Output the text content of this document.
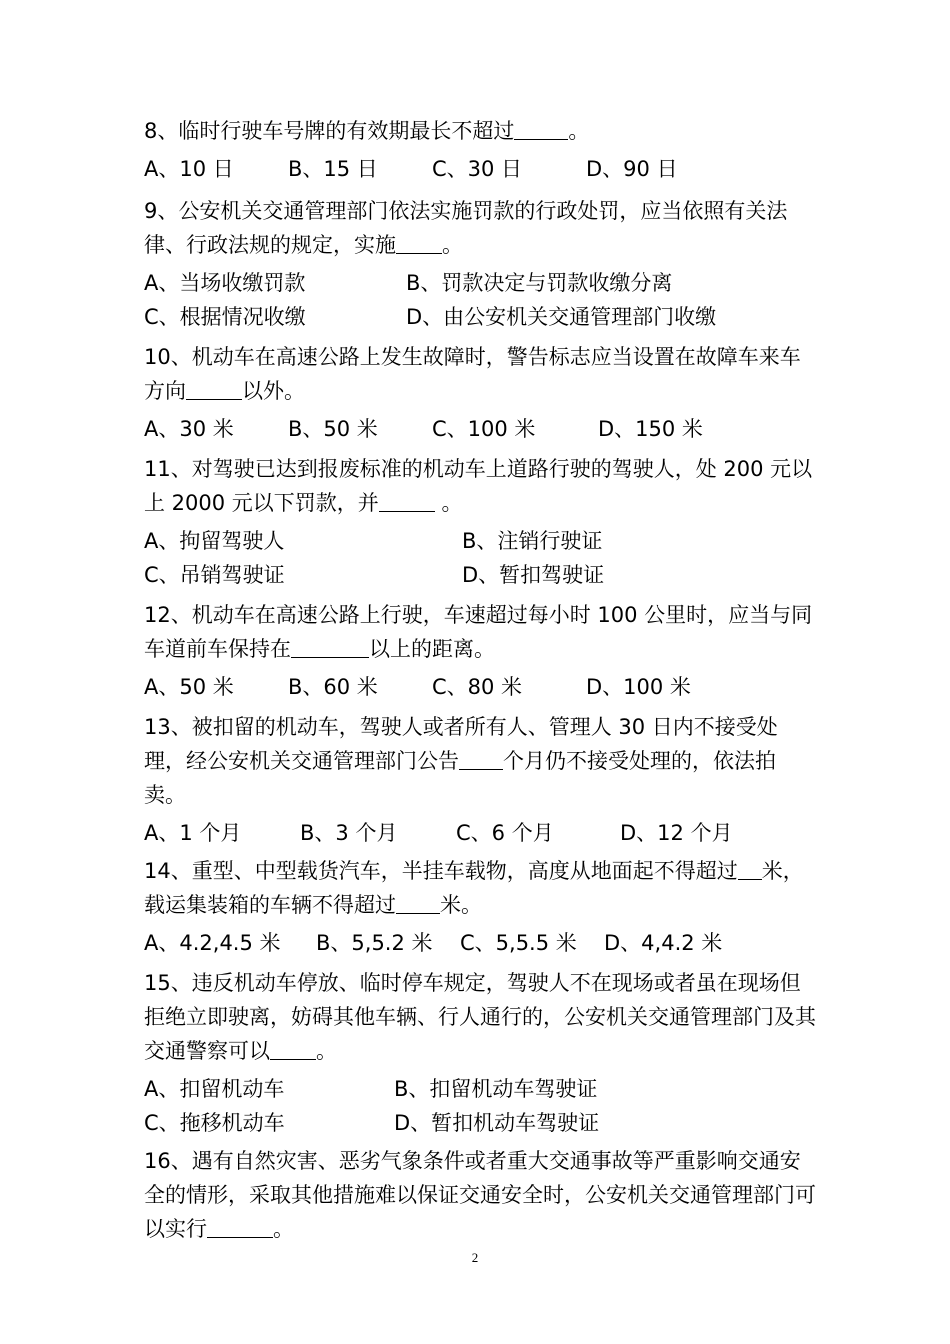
8、临时行驶车号牌的有效期最长不超过	。

A、10 日	B、15 日	C、30 日	D、90 日

9、公安机关交通管理部门依法实施罚款的行政处罚，应当依照有关法律、行政法规的规定，实施 。

A、当场收缴罚款	B、罚款决定与罚款收缴分离
C、根据情况收缴	D、由公安机关交通管理部门收缴

10、机动车在高速公路上发生故障时，警告标志应当设置在故障车来车方向	以外。

A、30 米	B、50 米	C、100 米	D、150 米

11、对驾驶已达到报废标准的机动车上道路行驶的驾驶人，处 200 元以上 2000 元以下罚款，并	。

A、拘留驾驶人	B、注销行驶证
C、吊销驾驶证	D、暂扣驾驶证

12、机动车在高速公路上行驶，车速超过每小时 100 公里时，应当与同车道前车保持在	以上的距离。

A、50 米	B、60 米	C、80 米	D、100 米

13、被扣留的机动车，驾驶人或者所有人、管理人 30 日内不接受处理，经公安机关交通管理部门公告 个月仍不接受处理的，依法拍卖。

A、1 个月	B、3 个月	C、6 个月	D、12 个月

14、重型、中型载货汽车，半挂车载物，高度从地面起不得超过 米，载运集装箱的车辆不得超过 米。

A、4.2,4.5 米	B、5,5.2 米	C、5,5.5 米	D、4,4.2 米

15、违反机动车停放、临时停车规定，驾驶人不在现场或者虽在现场但拒绝立即驶离，妨碍其他车辆、行人通行的，公安机关交通管理部门及其交通警察可以 。

A、扣留机动车	B、扣留机动车驾驶证
C、拖移机动车	D、暂扣机动车驾驶证

16、遇有自然灾害、恶劣气象条件或者重大交通事故等严重影响交通安全的情形，采取其他措施难以保证交通安全时，公安机关交通管理部门可以实行	。

2
